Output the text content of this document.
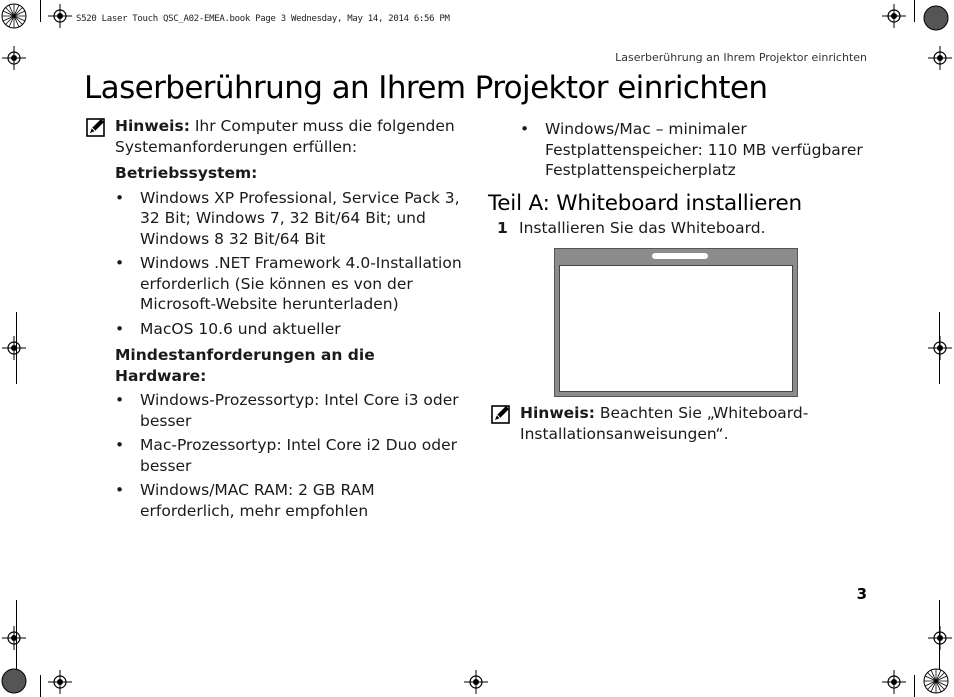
S520 Laser Touch QSC_A02-EMEA.book Page 3 Wednesday, May 14, 2014 6:56 PM
Laserberührung an Ihrem Projektor einrichten
Laserberührung an Ihrem Projektor einrichten
Hinweis: Ihr Computer muss die folgenden Systemanforderungen erfüllen:
Betriebssystem:
• Windows XP Professional, Service Pack 3, 32 Bit; Windows 7, 32 Bit/64 Bit; und Windows 8 32 Bit/64 Bit
• Windows .NET Framework 4.0-Installation erforderlich (Sie können es von der Microsoft-Website herunterladen)
• MacOS 10.6 und aktueller
Mindestanforderungen an die Hardware:
• Windows-Prozessortyp: Intel Core i3 oder besser
• Mac-Prozessortyp: Intel Core i2 Duo oder besser
• Windows/MAC RAM: 2 GB RAM erforderlich, mehr empfohlen
• Windows/Mac – minimaler Festplattenspeicher: 110 MB verfügbarer Festplattenspeicherplatz
Teil A: Whiteboard installieren
1 Installieren Sie das Whiteboard.
Hinweis: Beachten Sie „Whiteboard-Installationsanweisungen“.
3
